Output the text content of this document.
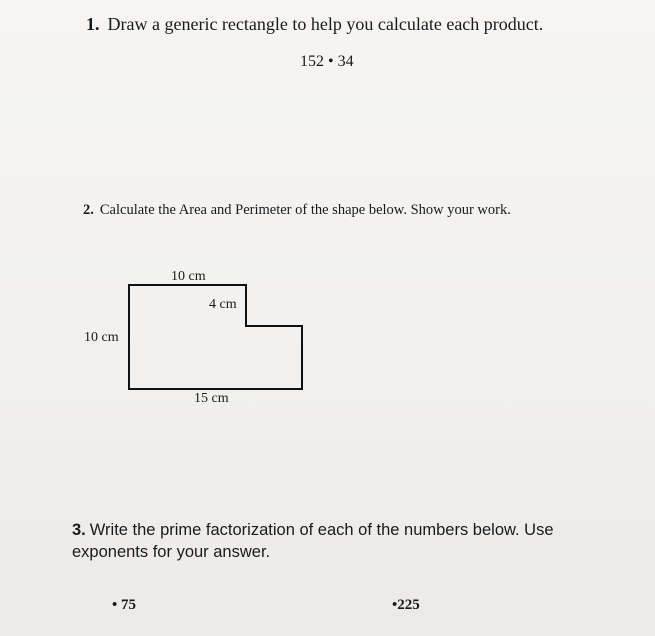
1. Draw a generic rectangle to help you calculate each product.
152 • 34
2. Calculate the Area and Perimeter of the shape below. Show your work.
10 cm
4 cm
10 cm
15 cm
3. Write the prime factorization of each of the numbers below. Use exponents for your answer.
• 75	•225
